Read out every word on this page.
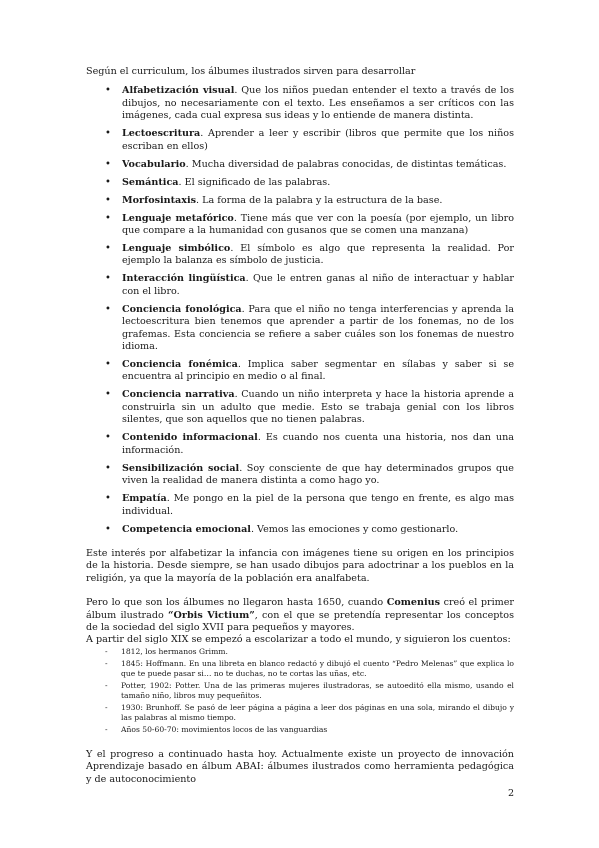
Según el curriculum, los álbumes ilustrados sirven para desarrollar

• Alfabetización visual. Que los niños puedan entender el texto a través de los dibujos, no necesariamente con el texto. Les enseñamos a ser críticos con las imágenes, cada cual expresa sus ideas y lo entiende de manera distinta.
• Lectoescritura. Aprender a leer y escribir (libros que permite que los niños escriban en ellos)
• Vocabulario. Mucha diversidad de palabras conocidas, de distintas temáticas.
• Semántica. El significado de las palabras.
• Morfosintaxis. La forma de la palabra y la estructura de la base.
• Lenguaje metafórico. Tiene más que ver con la poesía (por ejemplo, un libro que compare a la humanidad con gusanos que se comen una manzana)
• Lenguaje simbólico. El símbolo es algo que representa la realidad. Por ejemplo la balanza es símbolo de justicia.
• Interacción lingüística. Que le entren ganas al niño de interactuar y hablar con el libro.
• Conciencia fonológica. Para que el niño no tenga interferencias y aprenda la lectoescritura bien tenemos que aprender a partir de los fonemas, no de los grafemas. Esta conciencia se refiere a saber cuáles son los fonemas de nuestro idioma.
• Conciencia fonémica. Implica saber segmentar en sílabas y saber si se encuentra al principio en medio o al final.
• Conciencia narrativa. Cuando un niño interpreta y hace la historia aprende a construirla sin un adulto que medie. Esto se trabaja genial con los libros silentes, que son aquellos que no tienen palabras.
• Contenido informacional. Es cuando nos cuenta una historia, nos dan una información.
• Sensibilización social. Soy consciente de que hay determinados grupos que viven la realidad de manera distinta a como hago yo.
• Empatía. Me pongo en la piel de la persona que tengo en frente, es algo mas individual.
• Competencia emocional. Vemos las emociones y como gestionarlo.

Este interés por alfabetizar la infancia con imágenes tiene su origen en los principios de la historia. Desde siempre, se han usado dibujos para adoctrinar a los pueblos en la religión, ya que la mayoría de la población era analfabeta.

Pero lo que son los álbumes no llegaron hasta 1650, cuando Comenius creó el primer álbum ilustrado “Orbis Victium”, con el que se pretendía representar los conceptos de la sociedad del siglo XVII para pequeños y mayores.

A partir del siglo XIX se empezó a escolarizar a todo el mundo, y siguieron los cuentos:

- 1812, los hermanos Grimm.
- 1845: Hoffmann. En una libreta en blanco redactó y dibujó el cuento “Pedro Melenas” que explica lo que te puede pasar si… no te duchas, no te cortas las uñas, etc.
- Potter, 1902: Potter. Una de las primeras mujeres ilustradoras, se autoeditó ella mismo, usando el tamaño niño, libros muy pequeñitos.
- 1930: Brunhoff. Se pasó de leer página a página a leer dos páginas en una sola, mirando el dibujo y las palabras al mismo tiempo.
- Años 50-60-70: movimientos locos de las vanguardias

Y el progreso a continuado hasta hoy. Actualmente existe un proyecto de innovación Aprendizaje basado en álbum ABAI: álbumes ilustrados como herramienta pedagógica y de autoconocimiento

2
